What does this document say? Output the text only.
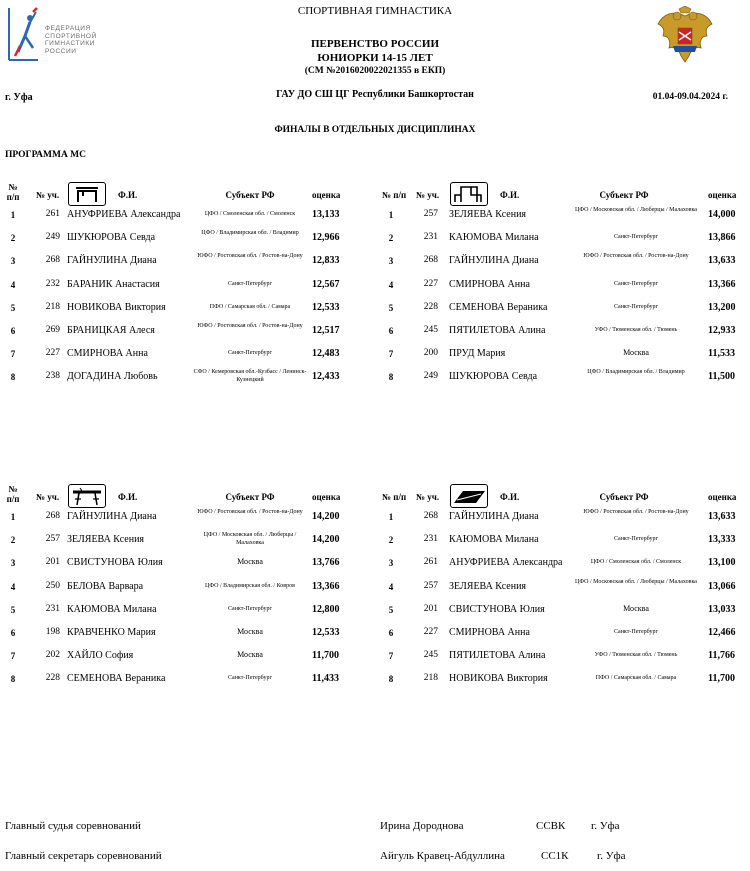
ФЕДЕРАЦИЯ
СПОРТИВНОЙ
ГИМНАСТИКИ
РОССИИ
СПОРТИВНАЯ ГИМНАСТИКА
ПЕРВЕНСТВО РОССИИ
ЮНИОРКИ 14-15 ЛЕТ
(СМ №2016020022021355 в ЕКП)
г. Уфа	ГАУ ДО СШ ЦГ Республики Башкортостан	01.04-09.04.2024 г.
ФИНАЛЫ В ОТДЕЛЬНЫХ ДИСЦИПЛИНАХ
ПРОГРАММА МС
№ п/п № уч.	Ф.И.	Субъект РФ	оценка
1	261 АНУФРИЕВА Александра	ЦФО / Смоленская обл. / Смоленск	13,133
2	249 ШУКЮРОВА Севда	ЦФО / Владимирская обл. / Владимир	12,966
3	268 ГАЙНУЛИНА Диана	ЮФО / Ростовская обл. / Ростов-на-Дону 12,833
4	232 БАРАНИК Анастасия	Санкт-Петербург	12,567
5	218 НОВИКОВА Виктория	ПФО / Самарская обл. / Самара	12,533
6	269 БРАНИЦКАЯ Алеся	ЮФО / Ростовская обл. / Ростов-на-Дону 12,517
7	227 СМИРНОВА Анна	Санкт-Петербург	12,483
8	238 ДОГАДИНА Любовь	СФО / Кемеровская обл.-Кузбасс / Ленинск-Кузнецкий	12,433
№ п/п № уч.	Ф.И.	Субъект РФ	оценка
1	257 ЗЕЛЯЕВА Ксения	ЦФО / Московская обл. / Люберцы / Малаховка	14,000
2	231 КАЮМОВА Милана	Санкт-Петербург	13,866
3	268 ГАЙНУЛИНА Диана	ЮФО / Ростовская обл. / Ростов-на-Дону	13,633
4	227 СМИРНОВА Анна	Санкт-Петербург	13,366
5	228 СЕМЕНОВА Вераника	Санкт-Петербург	13,200
6	245 ПЯТИЛЕТОВА Алина	УФО / Тюменская обл. / Тюмень	12,933
7	200 ПРУД Мария	Москва	11,533
8	249 ШУКЮРОВА Севда	ЦФО / Владимирская обл. / Владимир	11,500
№ п/п № уч.	Ф.И.	Субъект РФ	оценка
1	268 ГАЙНУЛИНА Диана	ЮФО / Ростовская обл. / Ростов-на-Дону 14,200
2	257 ЗЕЛЯЕВА Ксения	ЦФО / Московская обл. / Люберцы / Малаховка	14,200
3	201 СВИСТУНОВА Юлия	Москва	13,766
4	250 БЕЛОВА Варвара	ЦФО / Владимирская обл. / Ковров	13,366
5	231 КАЮМОВА Милана	Санкт-Петербург	12,800
6	198 КРАВЧЕНКО Мария	Москва	12,533
7	202 ХАЙЛО София	Москва	11,700
8	228 СЕМЕНОВА Вераника	Санкт-Петербург	11,433
№ п/п № уч.	Ф.И.	Субъект РФ	оценка
1	268 ГАЙНУЛИНА Диана	ЮФО / Ростовская обл. / Ростов-на-Дону	13,633
2	231 КАЮМОВА Милана	Санкт-Петербург	13,333
3	261 АНУФРИЕВА Александра	ЦФО / Смоленская обл. / Смоленск	13,100
4	257 ЗЕЛЯЕВА Ксения	ЦФО / Московская обл. / Люберцы / Малаховка	13,066
5	201 СВИСТУНОВА Юлия	Москва	13,033
6	227 СМИРНОВА Анна	Санкт-Петербург	12,466
7	245 ПЯТИЛЕТОВА Алина	УФО / Тюменская обл. / Тюмень	11,766
8	218 НОВИКОВА Виктория	ПФО / Самарская обл. / Самара	11,700
Главный судья соревнований	Ирина Дороднова	ССВК г. Уфа
Главный секретарь соревнований	Айгуль Кравец-Абдуллина	СС1К	г. Уфа
